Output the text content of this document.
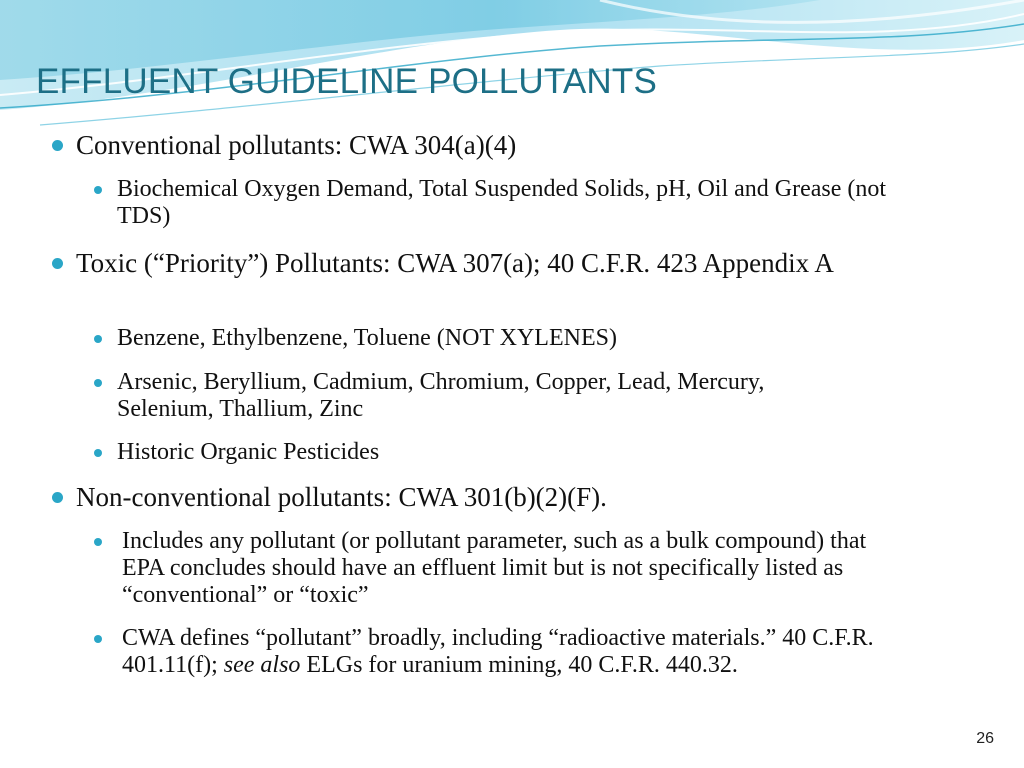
EFFLUENT GUIDELINE POLLUTANTS
Conventional pollutants: CWA 304(a)(4)
Biochemical Oxygen Demand, Total Suspended Solids, pH, Oil and Grease (not TDS)
Toxic (“Priority”) Pollutants: CWA 307(a); 40 C.F.R. 423 Appendix A
Benzene, Ethylbenzene, Toluene (NOT XYLENES)
Arsenic, Beryllium, Cadmium, Chromium, Copper, Lead, Mercury, Selenium, Thallium, Zinc
Historic Organic Pesticides
Non-conventional pollutants: CWA 301(b)(2)(F).
Includes any pollutant (or pollutant parameter, such as a bulk compound) that EPA concludes should have an effluent limit but is not specifically listed as “conventional” or “toxic”
CWA defines “pollutant” broadly, including “radioactive materials.” 40 C.F.R. 401.11(f); see also ELGs for uranium mining, 40 C.F.R. 440.32.
26
